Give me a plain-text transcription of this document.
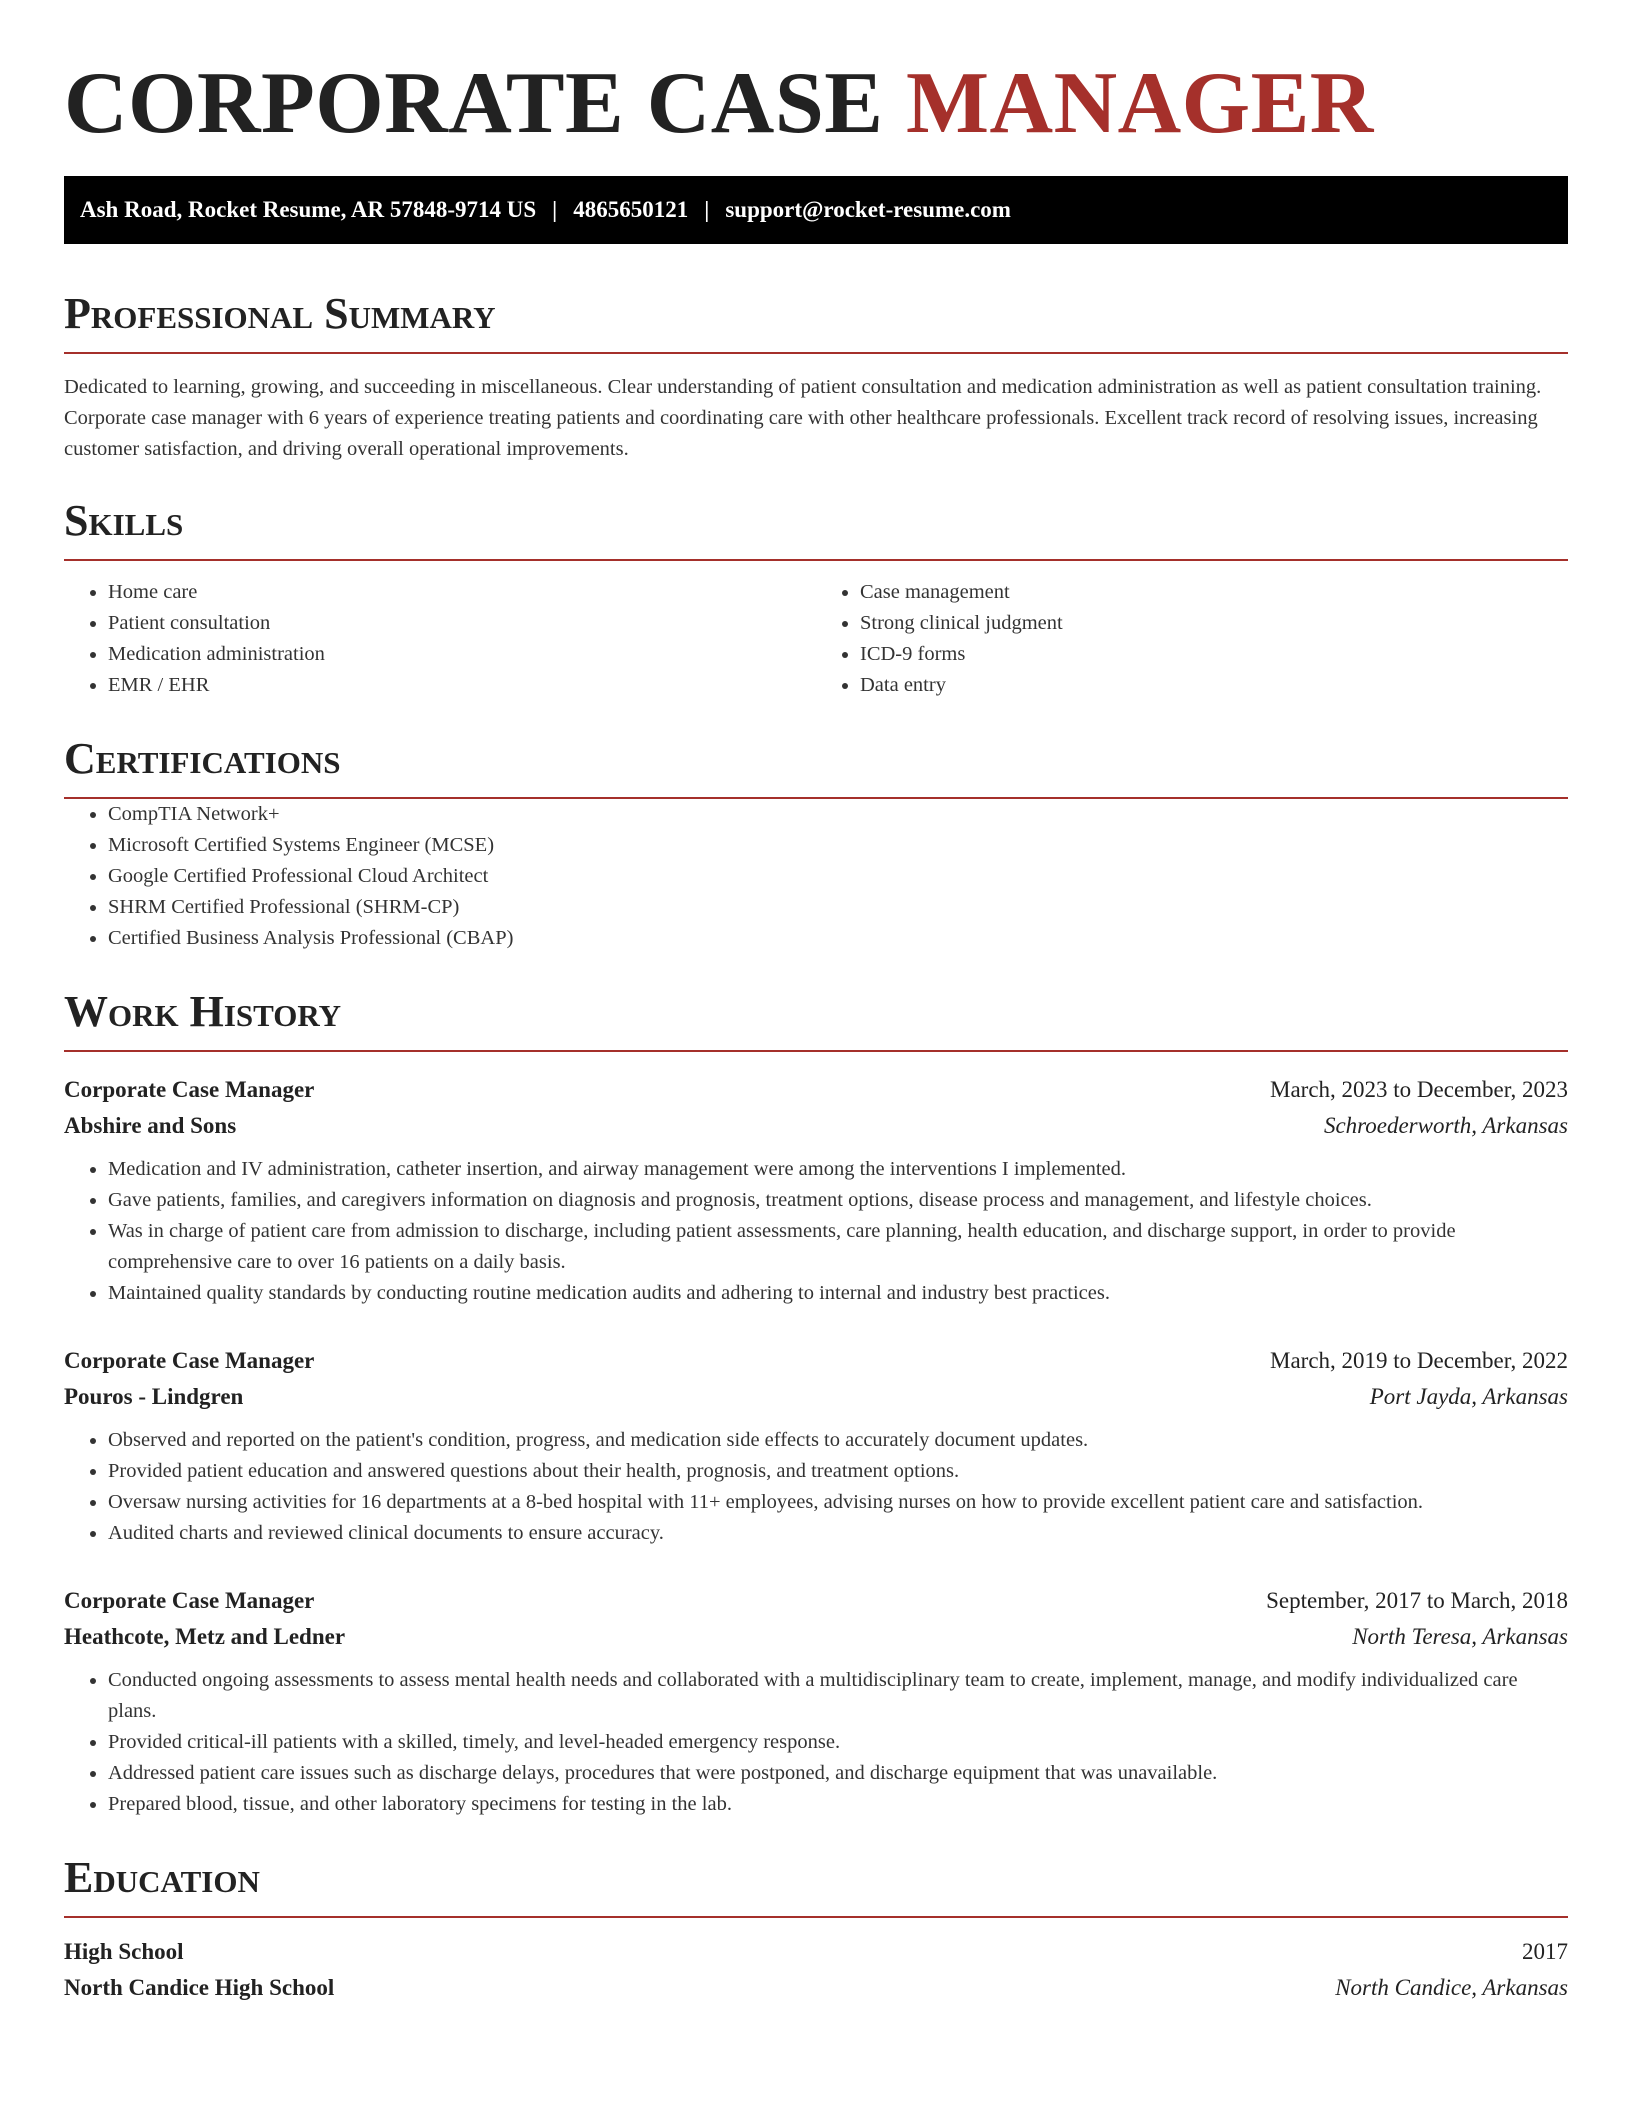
CORPORATE CASE MANAGER
Ash Road, Rocket Resume, AR 57848-9714 US | 4865650121 | support@rocket-resume.com
Professional Summary

Dedicated to learning, growing, and succeeding in miscellaneous. Clear understanding of patient consultation and medication administration as well as patient consultation training. Corporate case manager with 6 years of experience treating patients and coordinating care with other healthcare professionals. Excellent track record of resolving issues, increasing customer satisfaction, and driving overall operational improvements.

Skills
• Home care
• Patient consultation
• Medication administration
• EMR / EHR
• Case management
• Strong clinical judgment
• ICD-9 forms
• Data entry
Certifications
• CompTIA Network+
• Microsoft Certified Systems Engineer (MCSE)
• Google Certified Professional Cloud Architect
• SHRM Certified Professional (SHRM-CP)
• Certified Business Analysis Professional (CBAP)
Work History
Corporate Case Manager	March, 2023 to December, 2023
Abshire and Sons	Schroederworth, Arkansas
• Medication and IV administration, catheter insertion, and airway management were among the interventions I implemented.
• Gave patients, families, and caregivers information on diagnosis and prognosis, treatment options, disease process and management, and lifestyle choices.
• Was in charge of patient care from admission to discharge, including patient assessments, care planning, health education, and discharge support, in order to provide comprehensive care to over 16 patients on a daily basis.
• Maintained quality standards by conducting routine medication audits and adhering to internal and industry best practices.
Corporate Case Manager	March, 2019 to December, 2022
Pouros - Lindgren	Port Jayda, Arkansas
• Observed and reported on the patient's condition, progress, and medication side effects to accurately document updates.
• Provided patient education and answered questions about their health, prognosis, and treatment options.
• Oversaw nursing activities for 16 departments at a 8-bed hospital with 11+ employees, advising nurses on how to provide excellent patient care and satisfaction.
• Audited charts and reviewed clinical documents to ensure accuracy.
Corporate Case Manager	September, 2017 to March, 2018
Heathcote, Metz and Ledner	North Teresa, Arkansas
• Conducted ongoing assessments to assess mental health needs and collaborated with a multidisciplinary team to create, implement, manage, and modify individualized care plans.
• Provided critical-ill patients with a skilled, timely, and level-headed emergency response.
• Addressed patient care issues such as discharge delays, procedures that were postponed, and discharge equipment that was unavailable.
• Prepared blood, tissue, and other laboratory specimens for testing in the lab.
Education
High School	2017
North Candice High School	North Candice, Arkansas
